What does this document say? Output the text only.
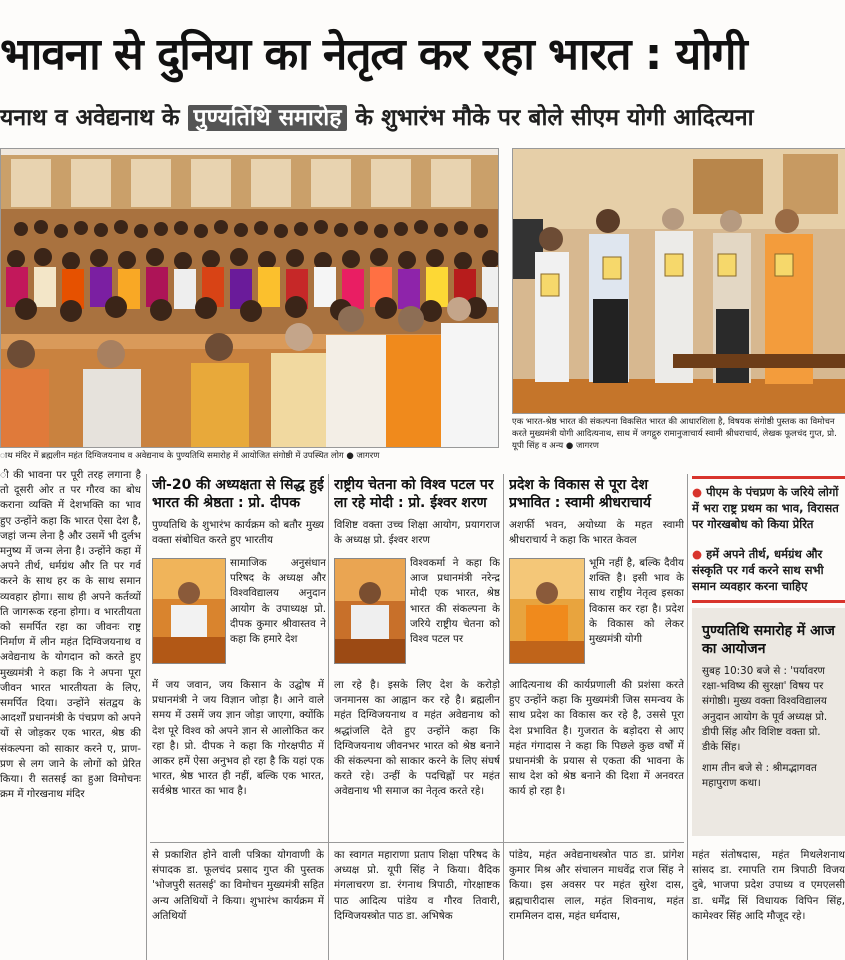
भावना से दुनिया का नेतृत्व कर रहा भारत : योगी
यनाथ व अवेद्यनाथ के पुण्यतिथि समारोह के शुभारंभ मौके पर बोले सीएम योगी आदित्यना
ाथ मंदिर में ब्रह्मलीन महंत दिग्विजयनाथ व अवेद्यनाथ के पुण्यतिथि समारोह में आयोजित संगोष्ठी में उपस्थित लोग ● जागरण
एक भारत-श्रेष्ठ भारत की संकल्पना विकसित भारत की आधारशिला है, विषयक संगोष्ठी पुस्तक का विमोचन करते मुख्यमंत्री योगी आदित्यनाथ, साथ में जगद्गुरु रामानुजाचार्य स्वामी श्रीधराचार्य, लेखक फूलचंद गुप्त, प्रो. यूपी सिंह व अन्य ● जागरण

ी की भावना पर पूरी तरह लगाना है तो दूसरी ओर त पर गौरव का बोध कराना व्यक्ति में देशभक्ति का भाव हुए उन्होंने कहा कि भारत ऐसा देश है, जहां जन्म लेना है और उसमें भी दुर्लभ मनुष्य में जन्म लेना है। उन्होंने कहा में अपने तीर्थ, धर्मग्रंथ और ति पर गर्व करने के साथ हर क के साथ समान व्यवहार होगा। साथ ही अपने कर्तव्यों ति जागरूक रहना होगा। व भारतीयता को समर्पित रहा का जीवनः राष्ट्र निर्माण में लीन महंत दिग्विजयनाथ व अवेद्यनाथ के योगदान को करते हुए मुख्यमंत्री ने कहा कि ने अपना पूरा जीवन भारत भारतीयता के लिए, समर्पित दिया। उन्होंने संतद्वय के आदर्शों प्रधानमंत्री के पंचप्रण को अपने यों से जोड़कर एक भारत, श्रेष्ठ की संकल्पना को साकार करने ए, प्राण-प्रण से लग जाने के लोगों को प्रेरित किया। री सतसई का हुआ विमोचनः क्रम में गोरखनाथ मंदिर

जी-20 की अध्यक्षता से सिद्ध हुई भारत की श्रेष्ठता : प्रो. दीपक
पुण्यतिथि के शुभारंभ कार्यक्रम को बतौर मुख्य वक्ता संबोधित करते हुए भारतीय
सामाजिक अनुसंधान परिषद के अध्यक्ष और विश्वविद्यालय अनुदान आयोग के उपाध्यक्ष प्रो. दीपक कुमार श्रीवास्तव ने कहा कि हमारे देश
में जय जवान, जय किसान के उद्घोष में प्रधानमंत्री ने जय विज्ञान जोड़ा है। आने वाले समय में उसमें जय ज्ञान जोड़ा जाएगा, क्योंकि देश पूरे विश्व को अपने ज्ञान से आलोकित कर रहा है। प्रो. दीपक ने कहा कि गोरक्षपीठ में आकर हमें ऐसा अनुभव हो रहा है कि यहां एक भारत, श्रेष्ठ भारत ही नहीं, बल्कि एक भारत, सर्वश्रेष्ठ भारत का भाव है।
से प्रकाशित होने वाली पत्रिका योगवाणी के संपादक डा. फूलचंद प्रसाद गुप्त की पुस्तक 'भोजपुरी सतसई' का विमोचन मुख्यमंत्री सहित अन्य अतिथियों ने किया। शुभारंभ कार्यक्रम में अतिथियों
राष्ट्रीय चेतना को विश्व पटल पर ला रहे मोदी : प्रो. ईश्वर शरण
विशिष्ट वक्ता उच्च शिक्षा आयोग, प्रयागराज के अध्यक्ष प्रो. ईश्वर शरण
विश्वकर्मा ने कहा कि आज प्रधानमंत्री नरेन्द्र मोदी एक भारत, श्रेष्ठ भारत की संकल्पना के जरिये राष्ट्रीय चेतना को विश्व पटल पर
ला रहे है। इसके लिए देश के करोड़ो जनमानस का आह्वान कर रहे है। ब्रह्मलीन महंत दिग्विजयनाथ व महंत अवेद्यनाथ को श्रद्धांजलि देते हुए उन्होंने कहा कि दिग्विजयनाथ जीवनभर भारत को श्रेष्ठ बनाने की संकल्पना को साकार करने के लिए संघर्ष करते रहे। उन्हीं के पदचिह्नों पर महंत अवेद्यनाथ भी समाज का नेतृत्व करते रहे।
का स्वागत महाराणा प्रताप शिक्षा परिषद के अध्यक्ष प्रो. यूपी सिंह ने किया। वैदिक मंगलाचरण डा. रंगनाथ त्रिपाठी, गोरक्षाष्टक पाठ आदित्य पांडेय व गौरव तिवारी, दिग्विजयस्त्रोत पाठ डा. अभिषेक
प्रदेश के विकास से पूरा देश प्रभावित : स्वामी श्रीधराचार्य
अशर्फी भवन, अयोध्या के महत स्वामी श्रीधराचार्य ने कहा कि भारत केवल
भूमि नहीं है, बल्कि दैवीय शक्ति है। इसी भाव के साथ राष्ट्रीय नेतृत्व इसका विकास कर रहा है। प्रदेश के विकास को लेकर मुख्यमंत्री योगी
आदित्यनाथ की कार्यप्रणाली की प्रशंसा करते हुए उन्होंने कहा कि मुख्यमंत्री जिस समन्वय के साथ प्रदेश का विकास कर रहे है, उससे पूरा देश प्रभावित है। गुजरात के बड़ोदरा से आए महंत गंगादास ने कहा कि पिछले कुछ वर्षों में प्रधानमंत्री के प्रयास से एकता की भावना के साथ देश को श्रेष्ठ बनाने की दिशा में अनवरत कार्य हो रहा है।
पांडेय, महंत अवेद्यनाथस्त्रोत पाठ डा. प्रांगेश कुमार मिश्र और संचालन माधवेंद्र राज सिंह ने किया। इस अवसर पर महंत सुरेश दास, ब्रह्मचारीदास लाल, महंत शिवनाथ, महंत राममिलन दास, महंत धर्मदास,
● पीएम के पंचप्रण के जरिये लोगों में भरा राष्ट्र प्रथम का भाव, विरासत पर गोरखबोध को किया प्रेरित
● हमें अपने तीर्थ, धर्मग्रंथ और संस्कृति पर गर्व करने साथ सभी समान व्यवहार करना चाहिए
पुण्यतिथि समारोह में आज का आयोजन
सुबह 10:30 बजे से : 'पर्यावरण रक्षा-भविष्य की सुरक्षा' विषय पर संगोष्ठी। मुख्य वक्ता विश्वविद्यालय अनुदान आयोग के पूर्व अध्यक्ष प्रो. डीपी सिंह और विशिष्ट वक्ता प्रो. डीके सिंह।
शाम तीन बजे से : श्रीमद्भागवत महापुराण कथा।
महंत संतोषदास, महंत मिथलेशनाथ सांसद डा. रमापति राम त्रिपाठी विजय दुबे, भाजपा प्रदेश उपाध्य व एमएलसी डा. धर्मेंद्र सिं विधायक विपिन सिंह, कामेश्वर सिंह आदि मौजूद रहे।
